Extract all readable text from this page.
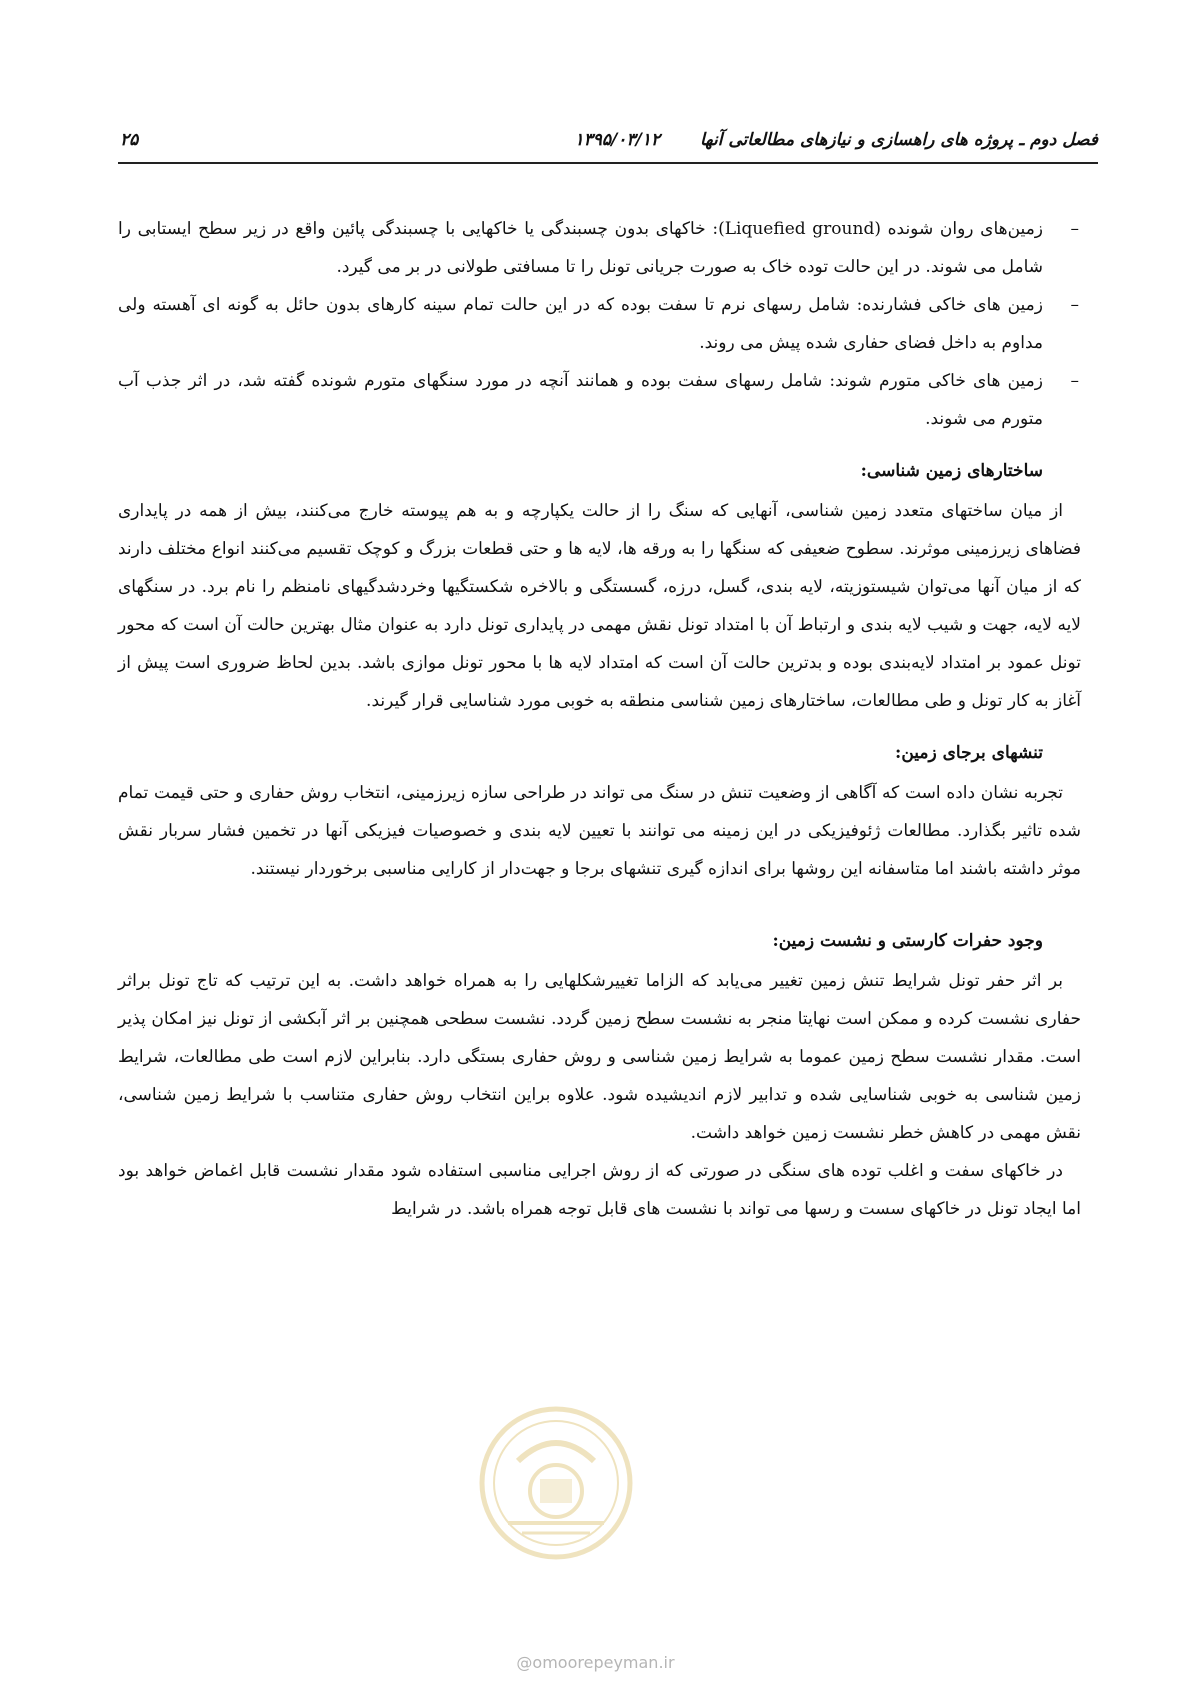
فصل دوم ـ پروژه های راهسازی و نیازهای مطالعاتی آنها
۱۳۹۵/۰۳/۱۲
۲۵
–
زمین‌های روان شونده (Liquefied ground): خاکهای بدون چسبندگی یا خاکهایی با چسبندگی پائین واقع در زیر سطح ایستابی را شامل می شوند. در این حالت توده خاک به صورت جریانی تونل را تا مسافتی طولانی در بر می گیرد.
–
زمین های خاکی فشارنده: شامل رسهای نرم تا سفت بوده که در این حالت تمام سینه کارهای بدون حائل به گونه ای آهسته ولی مداوم به داخل فضای حفاری شده پیش می روند.
–
زمین های خاکی متورم شوند: شامل رسهای سفت بوده و همانند آنچه در مورد سنگهای متورم شونده گفته شد، در اثر جذب آب متورم می شوند.
ساختارهای زمین شناسی:

از میان ساختهای متعدد زمین شناسی، آنهایی که سنگ را از حالت یکپارچه و به هم پیوسته خارج می‌کنند، بیش از همه در پایداری فضاهای زیرزمینی موثرند. سطوح ضعیفی که سنگها را به ورقه ها، لایه ها و حتی قطعات بزرگ و کوچک تقسیم می‌کنند انواع مختلف دارند که از میان آنها می‌توان شیستوزیته، لایه بندی، گسل، درزه، گسستگی و بالاخره شکستگیها وخردشدگیهای نامنظم را نام برد. در سنگهای لایه لایه، جهت و شیب لایه بندی و ارتباط آن با امتداد تونل نقش مهمی در پایداری تونل دارد به عنوان مثال بهترین حالت آن است که محور تونل عمود بر امتداد لایه‌بندی بوده و بدترین حالت آن است که امتداد لایه ها با محور تونل موازی باشد. بدین لحاظ ضروری است پیش از آغاز به کار تونل و طی مطالعات، ساختارهای زمین شناسی منطقه به خوبی مورد شناسایی قرار گیرند.

تنشهای برجای زمین:

تجربه نشان داده است که آگاهی از وضعیت تنش در سنگ می تواند در طراحی سازه زیرزمینی، انتخاب روش حفاری و حتی قیمت تمام شده تاثیر بگذارد. مطالعات ژئوفیزیکی در این زمینه می توانند با تعیین لایه بندی و خصوصیات فیزیکی آنها در تخمین فشار سربار نقش موثر داشته باشند اما متاسفانه این روشها برای اندازه گیری تنشهای برجا و جهت‌دار از کارایی مناسبی برخوردار نیستند.

وجود حفرات کارستی و نشست زمین:

بر اثر حفر تونل شرایط تنش زمین تغییر می‌یابد که الزاما تغییرشکلهایی را به همراه خواهد داشت. به این ترتیب که تاج تونل براثر حفاری نشست کرده و ممکن است نهایتا منجر به نشست سطح زمین گردد. نشست سطحی همچنین بر اثر آبکشی از تونل نیز امکان پذیر است. مقدار نشست سطح زمین عموما به شرایط زمین شناسی و روش حفاری بستگی دارد. بنابراین لازم است طی مطالعات، شرایط زمین شناسی به خوبی شناسایی شده و تدابیر لازم اندیشیده شود. علاوه براین انتخاب روش حفاری متناسب با شرایط زمین شناسی، نقش مهمی در کاهش خطر نشست زمین خواهد داشت.

در خاکهای سفت و اغلب توده های سنگی در صورتی که از روش اجرایی مناسبی استفاده شود مقدار نشست قابل اغماض خواهد بود اما ایجاد تونل در خاکهای سست و رسها می تواند با نشست های قابل توجه همراه باشد. در شرایط

@omoorepeyman.ir
